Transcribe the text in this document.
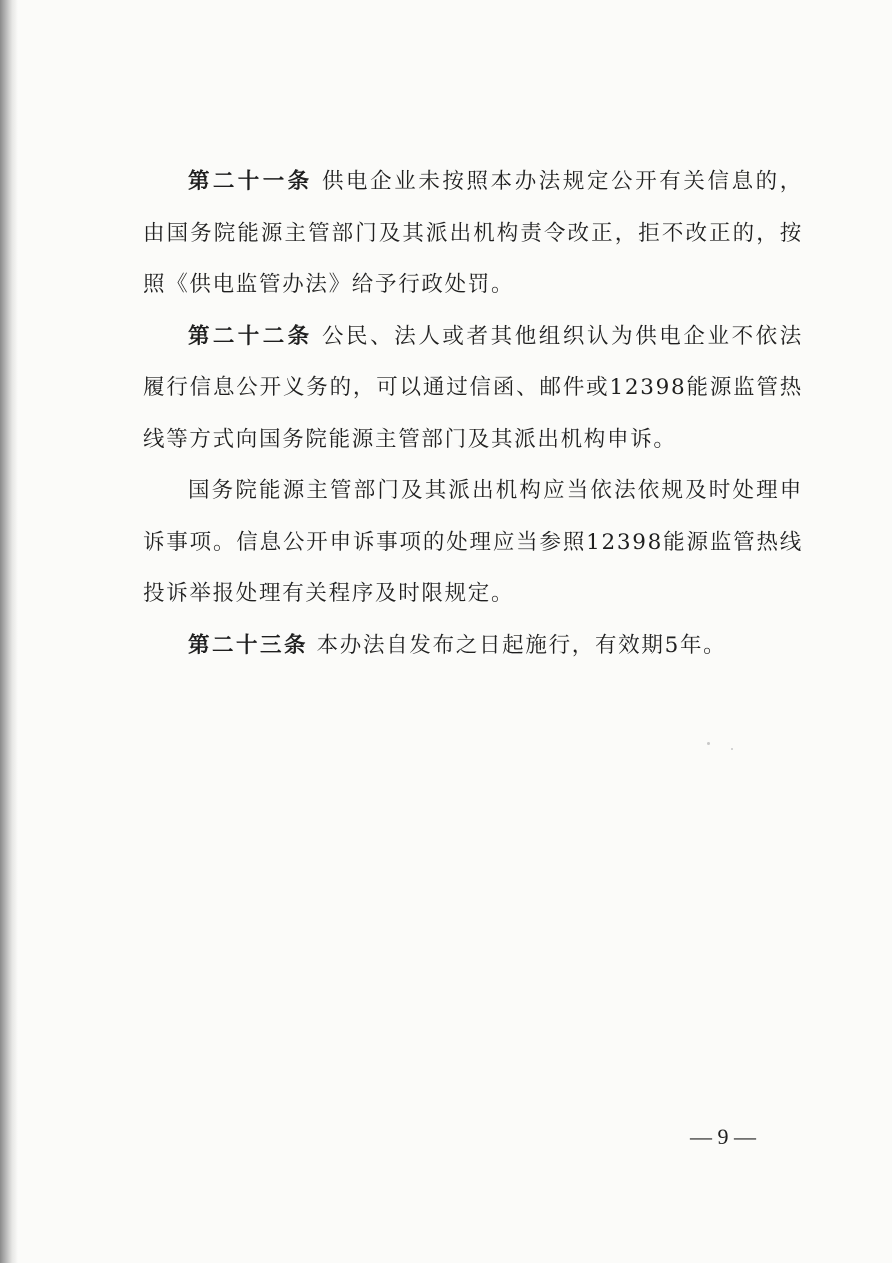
第二十一条 供电企业未按照本办法规定公开有关信息的，由国务院能源主管部门及其派出机构责令改正，拒不改正的，按照《供电监管办法》给予行政处罚。

第二十二条 公民、法人或者其他组织认为供电企业不依法履行信息公开义务的，可以通过信函、邮件或12398能源监管热线等方式向国务院能源主管部门及其派出机构申诉。

国务院能源主管部门及其派出机构应当依法依规及时处理申诉事项。信息公开申诉事项的处理应当参照12398能源监管热线投诉举报处理有关程序及时限规定。

第二十三条 本办法自发布之日起施行，有效期5年。

— 9 —
